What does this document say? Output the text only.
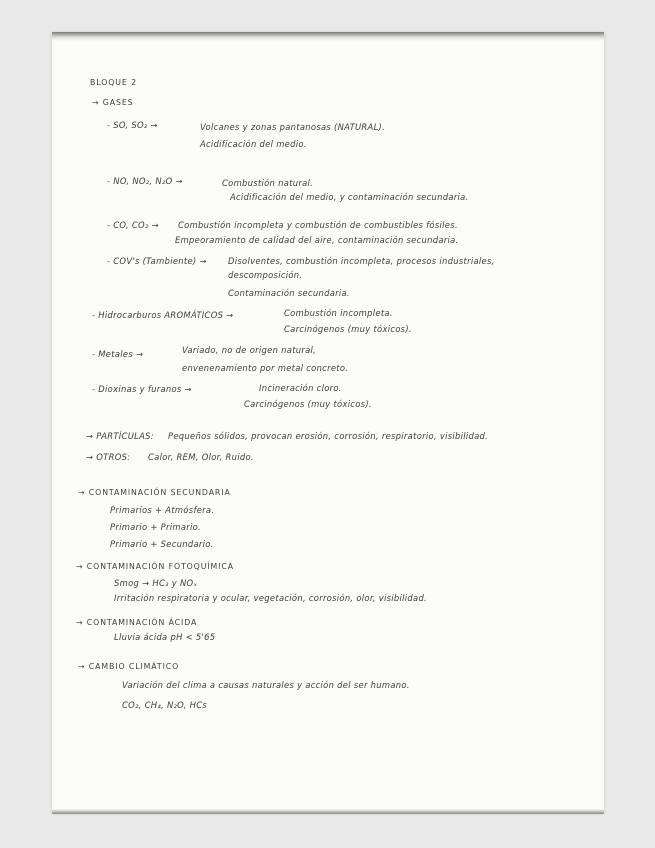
BLOQUE 2
→ GASES
- SO, SO₂ →	Volcanes y zonas pantanosas (NATURAL).
Acidificación del medio.
- NO, NO₂, N₂O →	Combustión natural.
Acidificación del medio, y contaminación secundaria.
- CO, CO₂ → Combustión incompleta y combustión de combustibles fósiles.
Empeoramiento de calidad del aire, contaminación secundaria.
- COV's (Tambiente) →	Disolventes, combustión incompleta, procesos industriales,
descomposición.
Contaminación secundaria.
- Hidrocarburos AROMÁTICOS →	Combustión incompleta.
Carcinógenos (muy tóxicos).
- Metales →	Variado, no de origen natural,
envenenamiento por metal concreto.
- Dioxinas y furanos →	Incineración cloro.
Carcinógenos (muy tóxicos).
→ PARTÍCULAS: Pequeños sólidos, provocan erosión, corrosión, respiratorio, visibilidad.
→ OTROS: Calor, REM, Olor, Ruido.
→ CONTAMINACIÓN SECUNDARIA
Primarios + Atmósfera.
Primario + Primario.
Primario + Secundario.
→ CONTAMINACIÓN FOTOQUÍMICA
Smog → HC₃ y NOₓ
Irritación respiratoria y ocular, vegetación, corrosión, olor, visibilidad.
→ CONTAMINACIÓN ÁCIDA
Lluvia ácida pH < 5'65
→ CAMBIO CLIMÁTICO
Variación del clima a causas naturales y acción del ser humano.
CO₂, CH₄, N₂O, HCs
